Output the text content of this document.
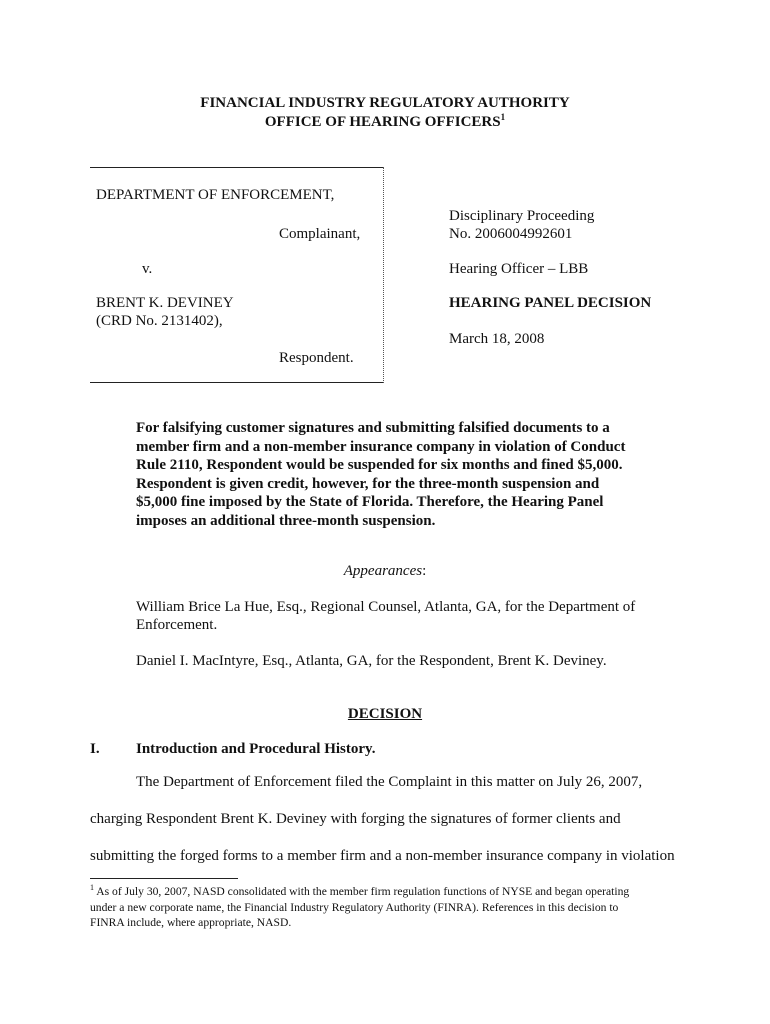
FINANCIAL INDUSTRY REGULATORY AUTHORITY
OFFICE OF HEARING OFFICERS$^1$
DEPARTMENT OF ENFORCEMENT,
Complainant,
v.
BRENT K. DEVINEY
(CRD No. 2131402),
Respondent.
Disciplinary Proceeding
No. 2006004992601
Hearing Officer – LBB
HEARING PANEL DECISION
March 18, 2008
For falsifying customer signatures and submitting falsified documents to a
member firm and a non-member insurance company in violation of Conduct
Rule 2110, Respondent would be suspended for six months and fined $5,000.
Respondent is given credit, however, for the three-month suspension and
$5,000 fine imposed by the State of Florida. Therefore, the Hearing Panel
imposes an additional three-month suspension.
Appearances:
William Brice La Hue, Esq., Regional Counsel, Atlanta, GA, for the Department of
Enforcement.
Daniel I. MacIntyre, Esq., Atlanta, GA, for the Respondent, Brent K. Deviney.
DECISION
I. Introduction and Procedural History.
The Department of Enforcement filed the Complaint in this matter on July 26, 2007,
charging Respondent Brent K. Deviney with forging the signatures of former clients and
submitting the forged forms to a member firm and a non-member insurance company in violation
$^1$ As of July 30, 2007, NASD consolidated with the member firm regulation functions of NYSE and began operating
under a new corporate name, the Financial Industry Regulatory Authority (FINRA). References in this decision to
FINRA include, where appropriate, NASD.
